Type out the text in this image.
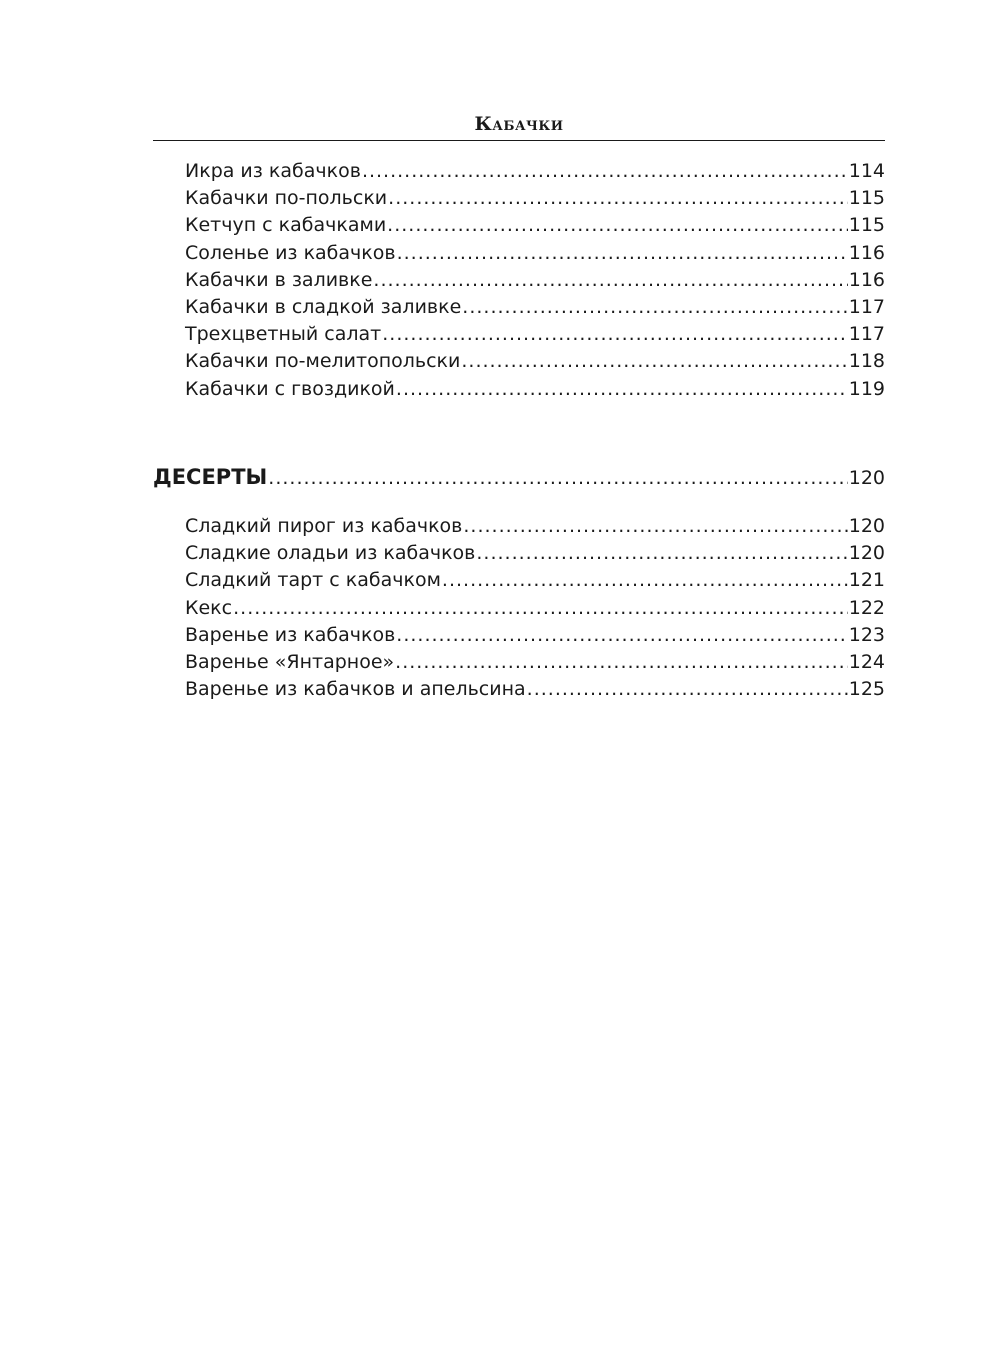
Кабачки
Икра из кабачков .....	114
Кабачки по-польски .....	115
Кетчуп с кабачками .....	115
Соленье из кабачков .....	116
Кабачки в заливке .....	116
Кабачки в сладкой заливке .....	117
Трехцветный салат .....	117
Кабачки по-мелитопольски .....	118
Кабачки с гвоздикой .....	119
ДЕСЕРТЫ .....	120
Сладкий пирог из кабачков .....	120
Сладкие оладьи из кабачков .....	120
Сладкий тарт с кабачком .....	121
Кекс .....	122
Варенье из кабачков .....	123
Варенье «Янтарное» .....	124
Варенье из кабачков и апельсина .....	125
